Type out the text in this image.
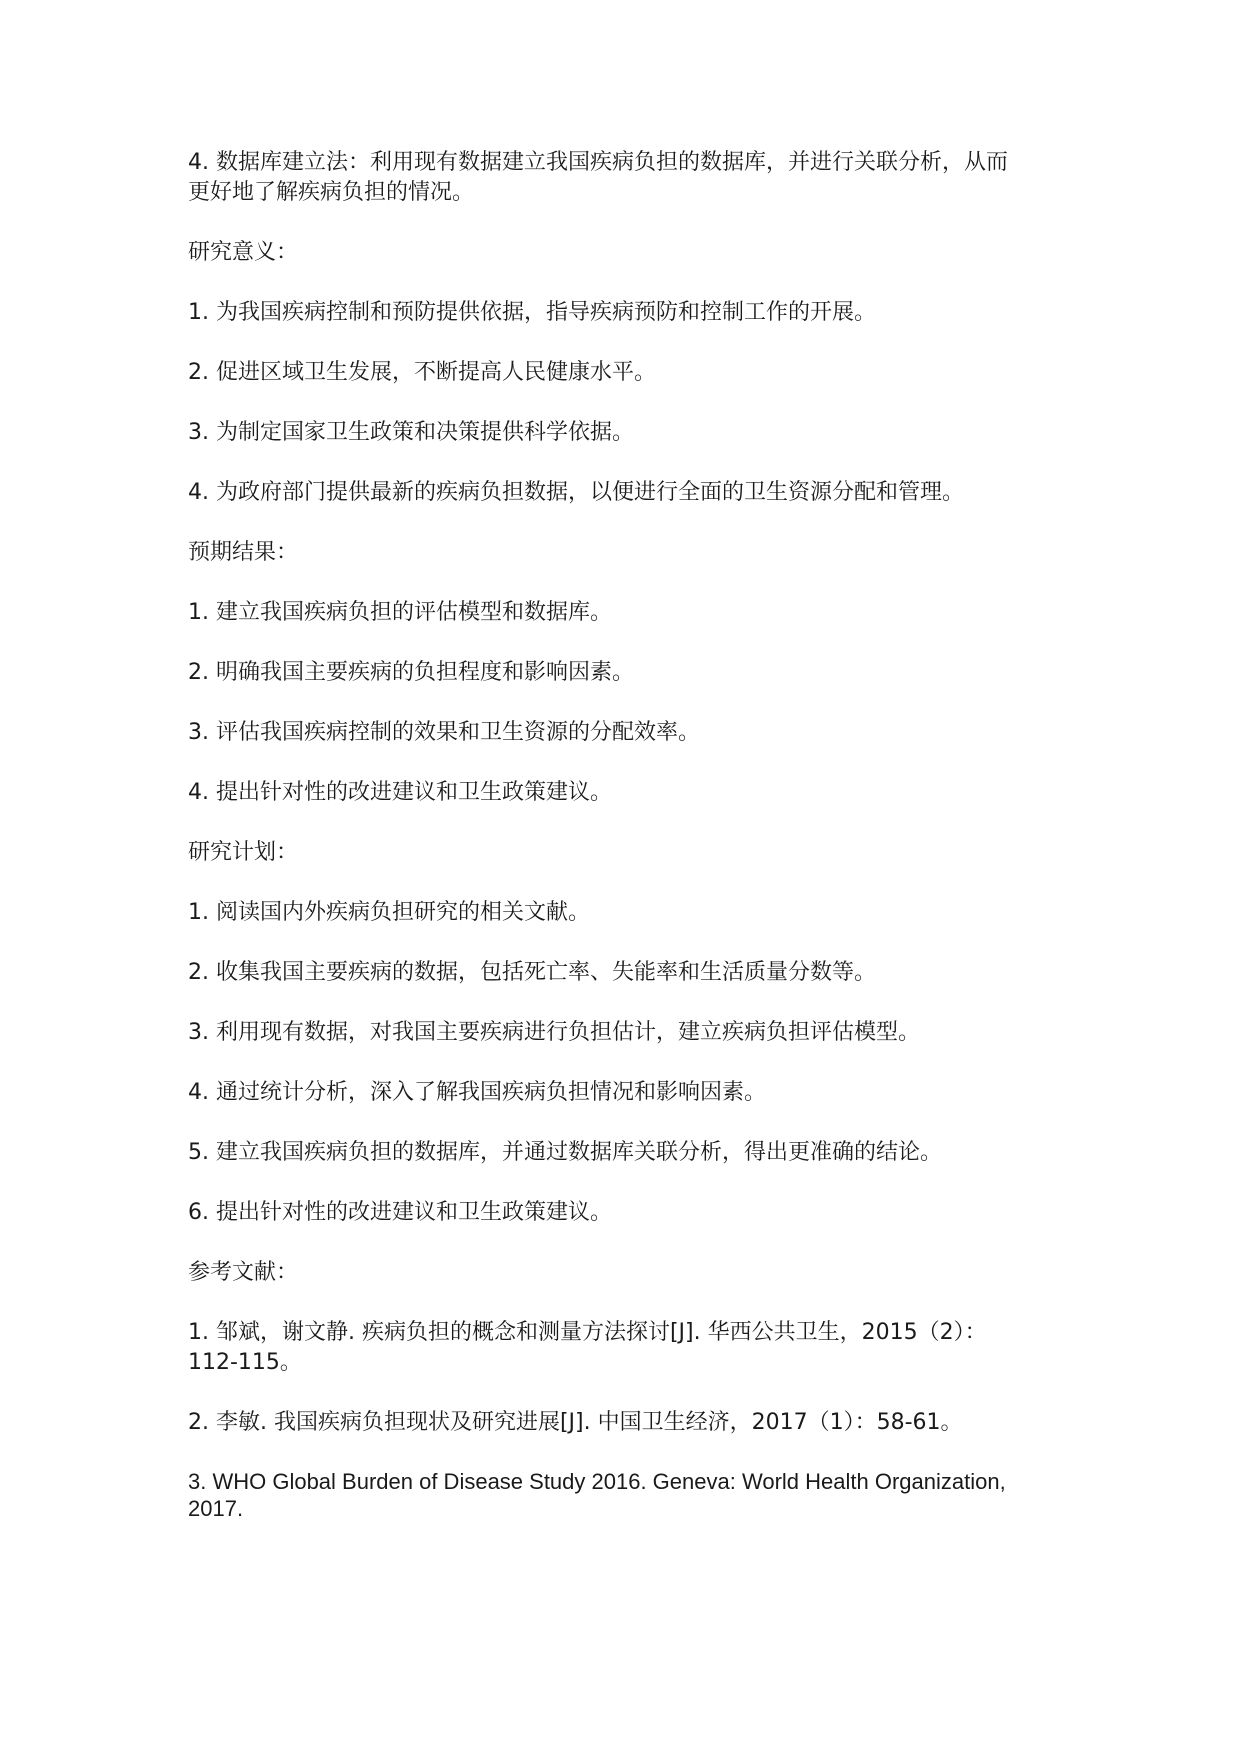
4. 数据库建立法：利用现有数据建立我国疾病负担的数据库，并进行关联分析，从而
更好地了解疾病负担的情况。

研究意义：

1. 为我国疾病控制和预防提供依据，指导疾病预防和控制工作的开展。

2. 促进区域卫生发展，不断提高人民健康水平。

3. 为制定国家卫生政策和决策提供科学依据。

4. 为政府部门提供最新的疾病负担数据，以便进行全面的卫生资源分配和管理。

预期结果：

1. 建立我国疾病负担的评估模型和数据库。

2. 明确我国主要疾病的负担程度和影响因素。

3. 评估我国疾病控制的效果和卫生资源的分配效率。

4. 提出针对性的改进建议和卫生政策建议。

研究计划：

1. 阅读国内外疾病负担研究的相关文献。

2. 收集我国主要疾病的数据，包括死亡率、失能率和生活质量分数等。

3. 利用现有数据，对我国主要疾病进行负担估计，建立疾病负担评估模型。

4. 通过统计分析，深入了解我国疾病负担情况和影响因素。

5. 建立我国疾病负担的数据库，并通过数据库关联分析，得出更准确的结论。

6. 提出针对性的改进建议和卫生政策建议。

参考文献：

1. 邹斌，谢文静. 疾病负担的概念和测量方法探讨[J]. 华西公共卫生，2015（2）：
112-115。

2. 李敏. 我国疾病负担现状及研究进展[J]. 中国卫生经济，2017（1）：58-61。

3. WHO Global Burden of Disease Study 2016. Geneva: World Health Organization,
2017.
